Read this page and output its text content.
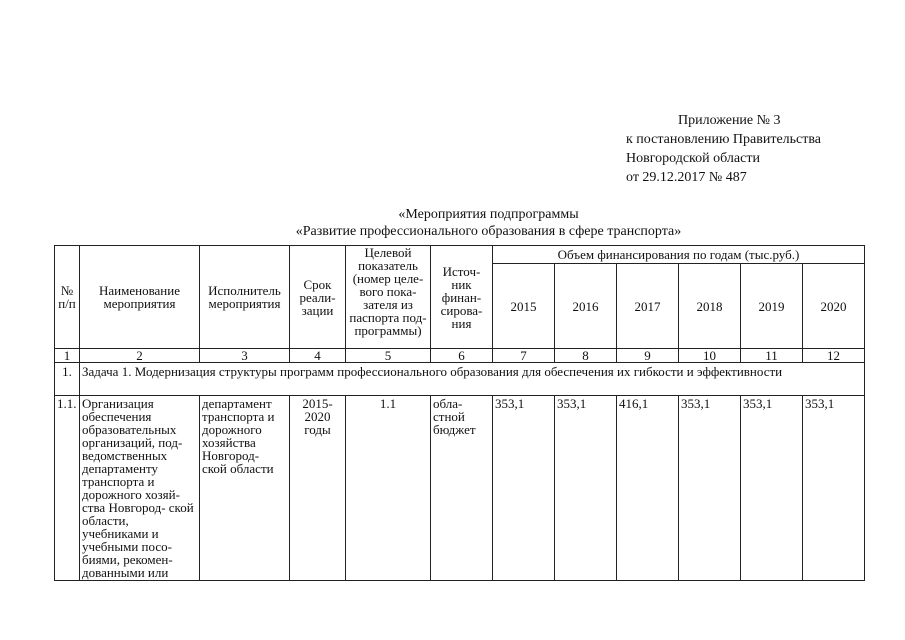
Приложение № 3
к постановлению Правительства
Новгородской области
от 29.12.2017 № 487
«Мероприятия подпрограммы
«Развитие профессионального образования в сфере транспорта»
№ п/п	Наименование мероприятия	Исполнитель мероприятия	Срок реали- зации	Целевой показатель (номер целе- вого пока- зателя из паспорта под- программы)	Источ- ник финан- сирова- ния	Объем финансирования по годам (тыс.руб.)					
						2015	2016	2017	2018	2019	2020
1	2	3	4	5	6	7	8	9	10	11	12
1.	Задача 1. Модернизация структуры программ профессионального образования для обеспечения их гибкости и эффективности										
1.1.	Организация обеспечения образовательных организаций, под- ведомственных департаменту транспорта и дорожного хозяй- ства Новгород- ской области, учебниками и учебными посо- биями, рекомен- дованными или	департамент транспорта и дорожного хозяйства Новгород- ской области	2015- 2020 годы	1.1	обла- стной бюджет	353,1	353,1	416,1	353,1	353,1	353,1
